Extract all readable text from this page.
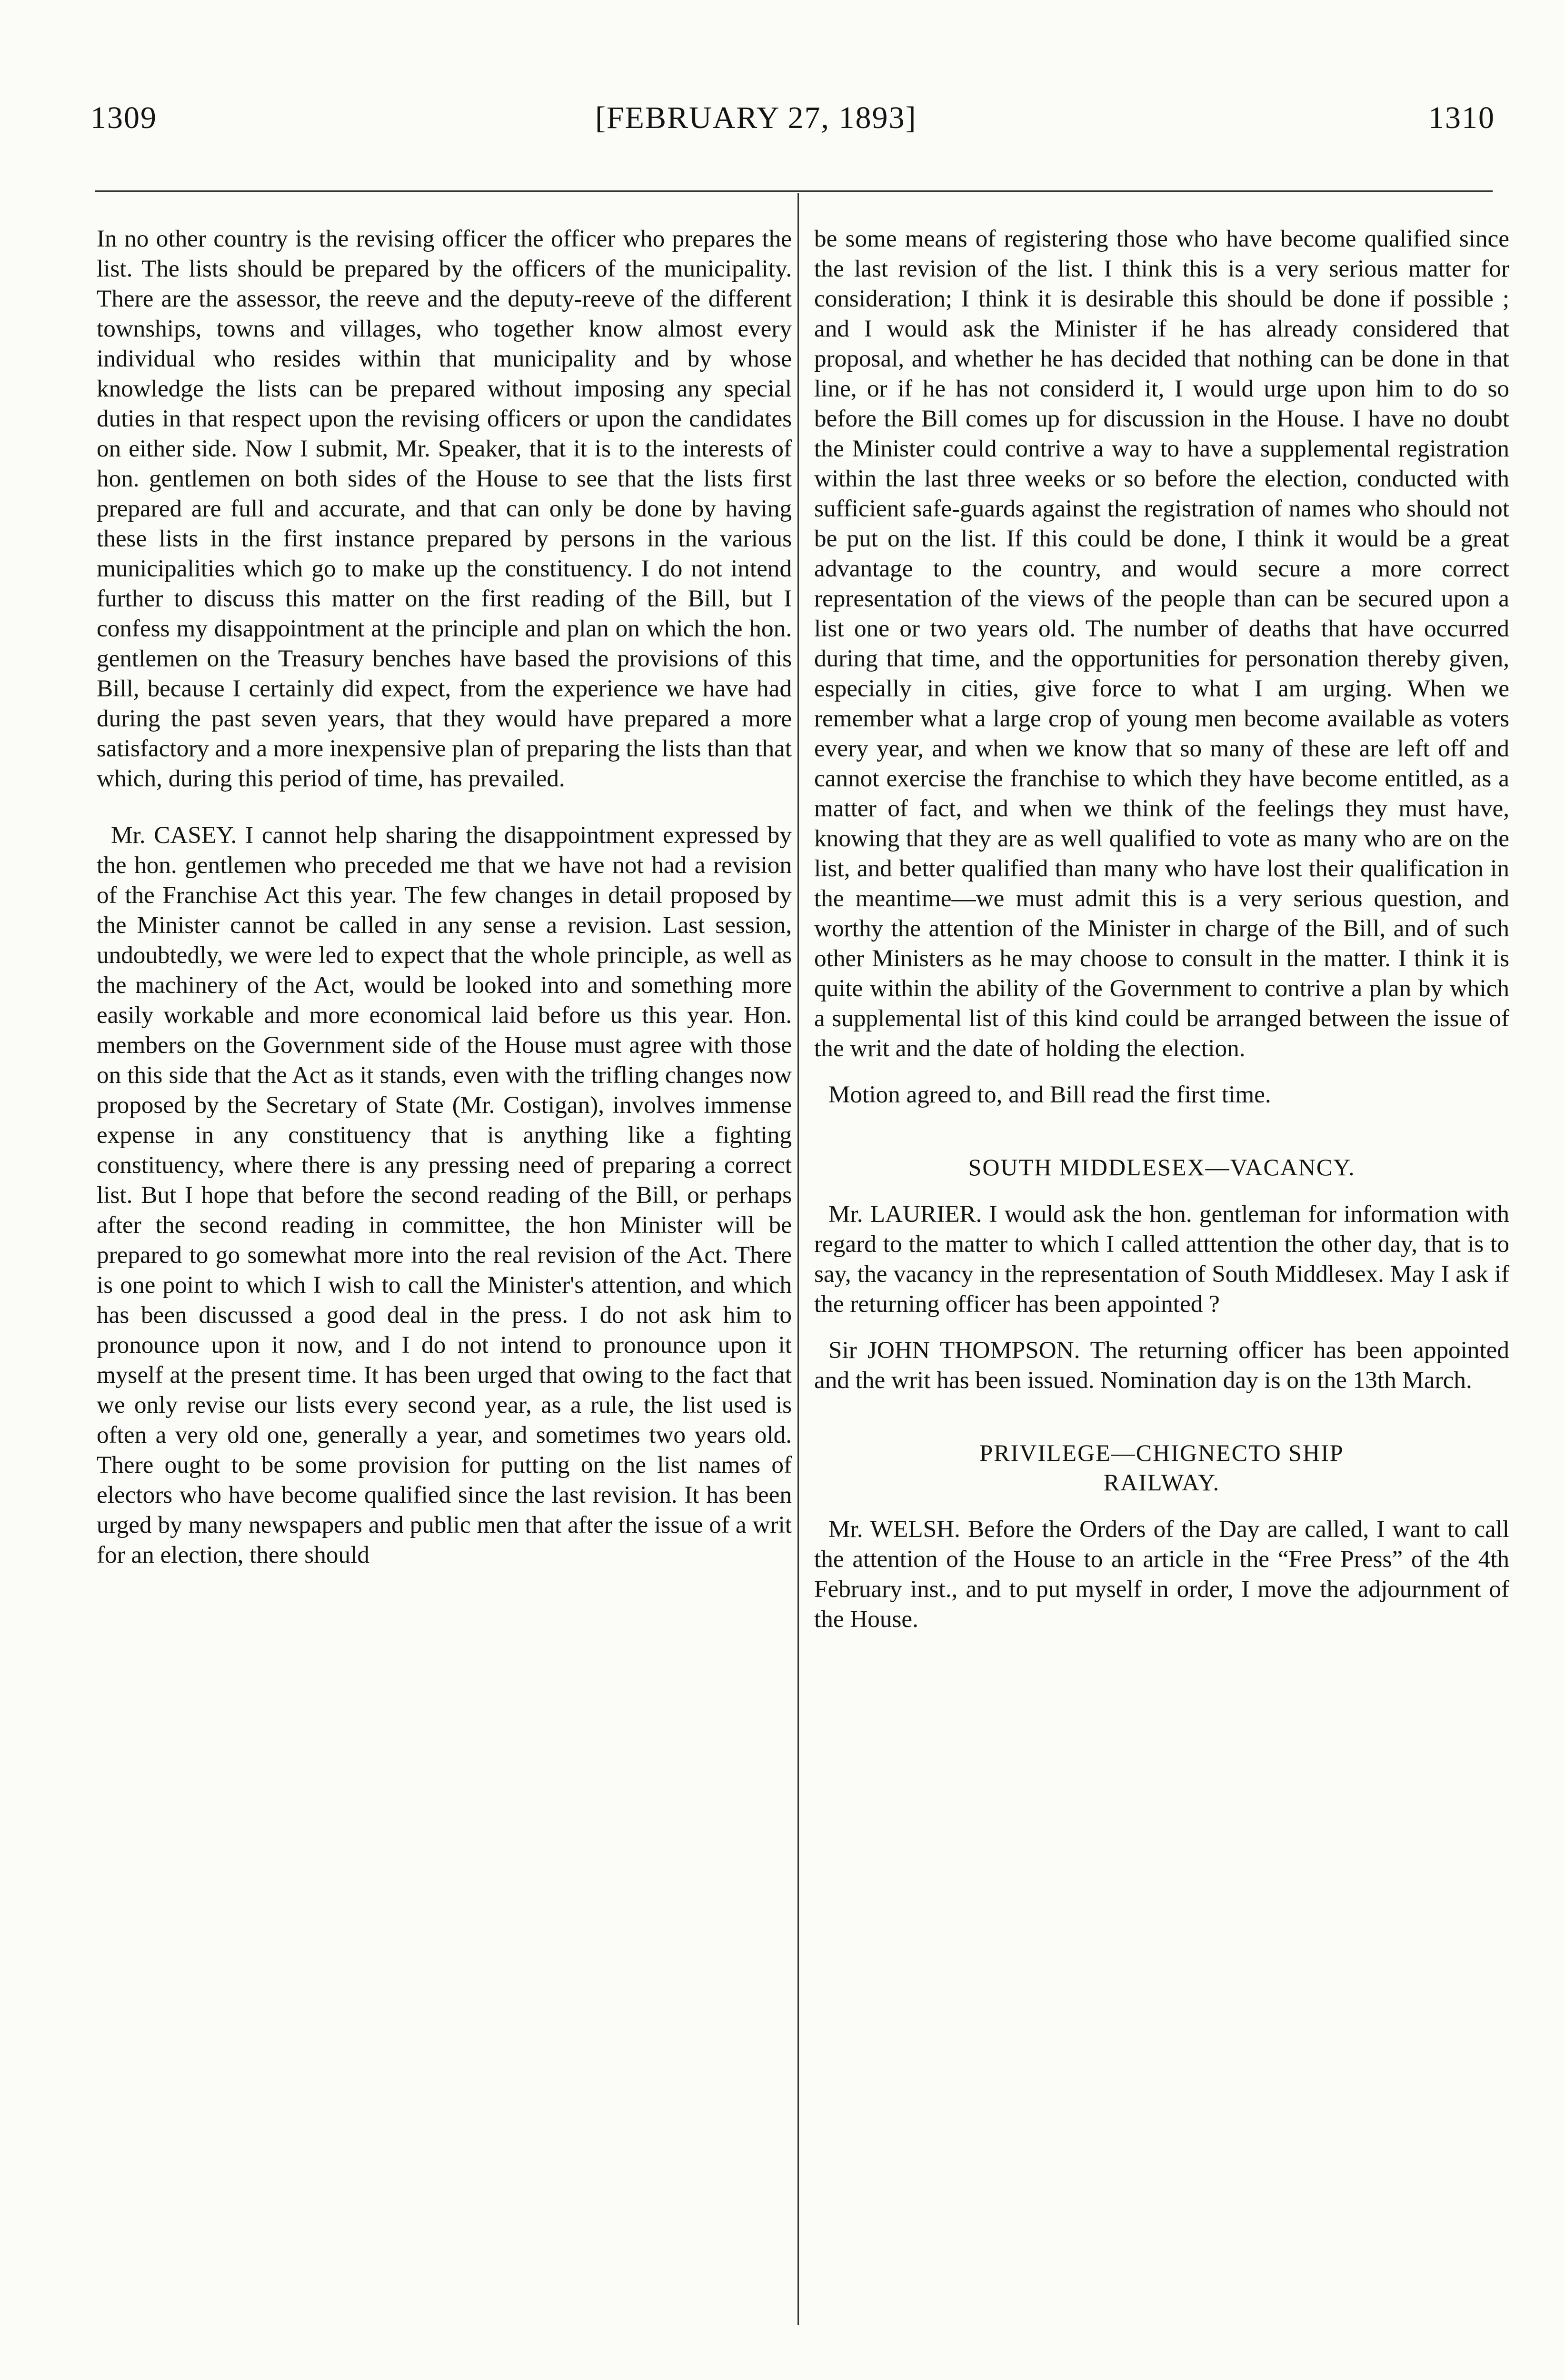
1309	[FEBRUARY 27, 1893]	1310

In no other country is the revising officer the officer who prepares the list. The lists should be prepared by the officers of the municipality. There are the assessor, the reeve and the deputy-reeve of the different townships, towns and villages, who together know almost every individual who resides within that municipality and by whose knowledge the lists can be prepared without imposing any special duties in that respect upon the revising officers or upon the candidates on either side. Now I submit, Mr. Speaker, that it is to the interests of hon. gentlemen on both sides of the House to see that the lists first prepared are full and accurate, and that can only be done by having these lists in the first instance prepared by persons in the various municipalities which go to make up the constituency. I do not intend further to discuss this matter on the first reading of the Bill, but I confess my disappointment at the principle and plan on which the hon. gentlemen on the Treasury benches have based the provisions of this Bill, because I certainly did expect, from the experience we have had during the past seven years, that they would have prepared a more satisfactory and a more inexpensive plan of preparing the lists than that which, during this period of time, has prevailed.

Mr. CASEY. I cannot help sharing the disappointment expressed by the hon. gentlemen who preceded me that we have not had a revision of the Franchise Act this year. The few changes in detail proposed by the Minister cannot be called in any sense a revision. Last session, undoubtedly, we were led to expect that the whole principle, as well as the machinery of the Act, would be looked into and something more easily workable and more economical laid before us this year. Hon. members on the Government side of the House must agree with those on this side that the Act as it stands, even with the trifling changes now proposed by the Secretary of State (Mr. Costigan), involves immense expense in any constituency that is anything like a fighting constituency, where there is any pressing need of preparing a correct list. But I hope that before the second reading of the Bill, or perhaps after the second reading in committee, the hon Minister will be prepared to go somewhat more into the real revision of the Act. There is one point to which I wish to call the Minister's attention, and which has been discussed a good deal in the press. I do not ask him to pronounce upon it now, and I do not intend to pronounce upon it myself at the present time. It has been urged that owing to the fact that we only revise our lists every second year, as a rule, the list used is often a very old one, generally a year, and sometimes two years old. There ought to be some provision for putting on the list names of electors who have become qualified since the last revision. It has been urged by many newspapers and public men that after the issue of a writ for an election, there should

be some means of registering those who have become qualified since the last revision of the list. I think this is a very serious matter for consideration; I think it is desirable this should be done if possible ; and I would ask the Minister if he has already considered that proposal, and whether he has decided that nothing can be done in that line, or if he has not considerd it, I would urge upon him to do so before the Bill comes up for discussion in the House. I have no doubt the Minister could contrive a way to have a supplemental registration within the last three weeks or so before the election, conducted with sufficient safe-guards against the registration of names who should not be put on the list. If this could be done, I think it would be a great advantage to the country, and would secure a more correct representation of the views of the people than can be secured upon a list one or two years old. The number of deaths that have occurred during that time, and the opportunities for personation thereby given, especially in cities, give force to what I am urging. When we remember what a large crop of young men become available as voters every year, and when we know that so many of these are left off and cannot exercise the franchise to which they have become entitled, as a matter of fact, and when we think of the feelings they must have, knowing that they are as well qualified to vote as many who are on the list, and better qualified than many who have lost their qualification in the meantime—we must admit this is a very serious question, and worthy the attention of the Minister in charge of the Bill, and of such other Ministers as he may choose to consult in the matter. I think it is quite within the ability of the Government to contrive a plan by which a supplemental list of this kind could be arranged between the issue of the writ and the date of holding the election.

Motion agreed to, and Bill read the first time.

SOUTH MIDDLESEX—VACANCY.

Mr. LAURIER. I would ask the hon. gentleman for information with regard to the matter to which I called atttention the other day, that is to say, the vacancy in the representation of South Middlesex. May I ask if the returning officer has been appointed ?

Sir JOHN THOMPSON. The returning officer has been appointed and the writ has been issued. Nomination day is on the 13th March.

PRIVILEGE—CHIGNECTO SHIP
RAILWAY.

Mr. WELSH. Before the Orders of the Day are called, I want to call the attention of the House to an article in the “Free Press” of the 4th February inst., and to put myself in order, I move the adjournment of the House.
